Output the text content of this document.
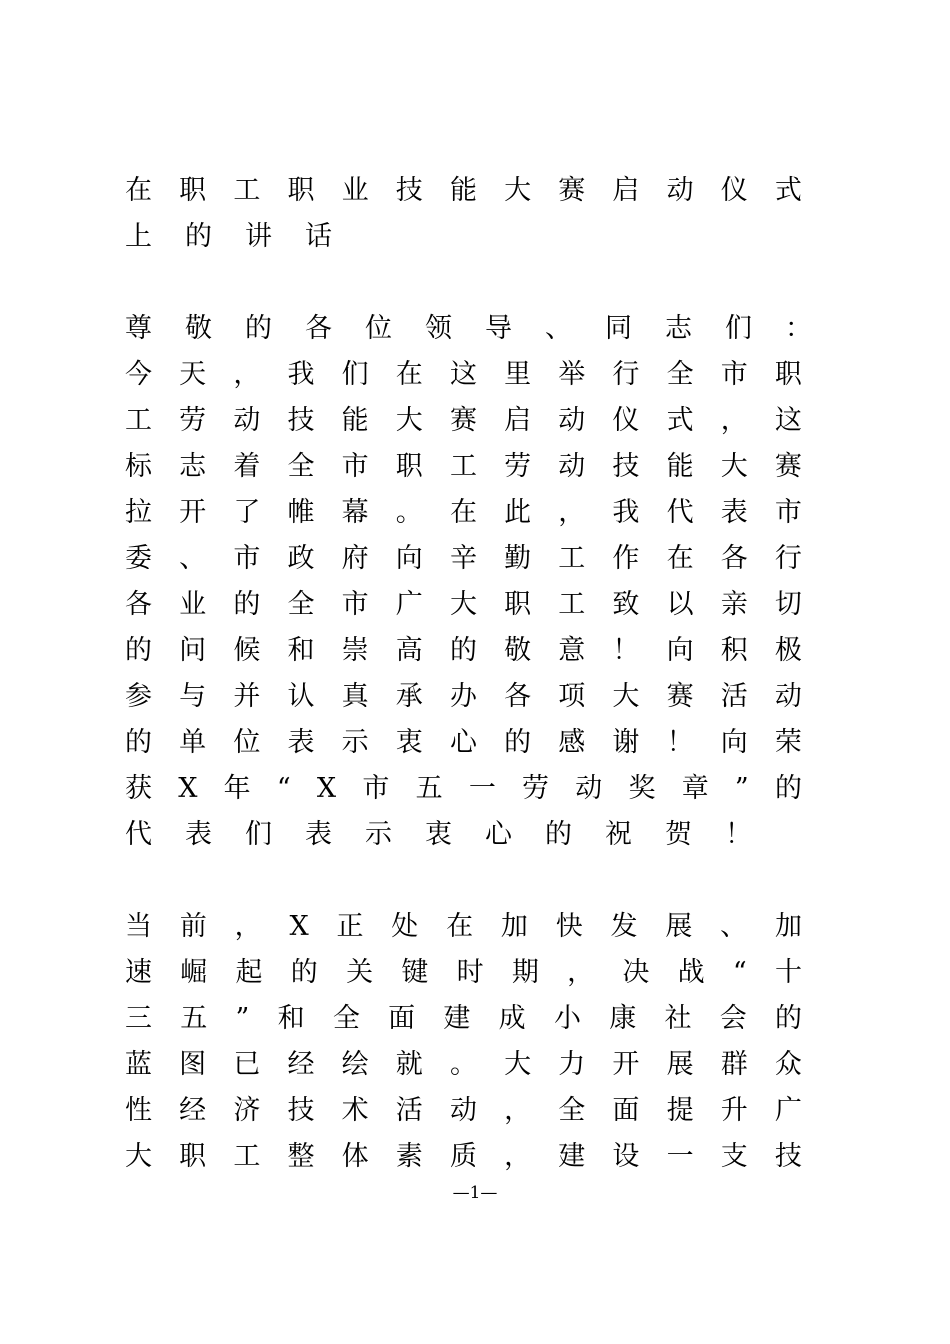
在 职 工 职 业 技 能 大 赛 启 动 仪 式
上 的 讲 话
尊 敬 的 各 位 领 导 、 同 志 们 ：
今 天 ， 我 们 在 这 里 举 行 全 市 职
工 劳 动 技 能 大 赛 启 动 仪 式 ， 这
标 志 着 全 市 职 工 劳 动 技 能 大 赛
拉 开 了 帷 幕 。 在 此 ， 我 代 表 市
委 、 市 政 府 向 辛 勤 工 作 在 各 行
各 业 的 全 市 广 大 职 工 致 以 亲 切
的 问 候 和 崇 高 的 敬 意 ！ 向 积 极
参 与 并 认 真 承 办 各 项 大 赛 活 动
的 单 位 表 示 衷 心 的 感 谢 ！ 向 荣
获 X 年 “ X 市 五 一 劳 动 奖 章 ” 的
代 表 们 表 示 衷 心 的 祝 贺 ！
当 前 ， X 正 处 在 加 快 发 展 、 加
速 崛 起 的 关 键 时 期 ， 决 战 “ 十
三 五 ” 和 全 面 建 成 小 康 社 会 的
蓝 图 已 经 绘 就 。 大 力 开 展 群 众
性 经 济 技 术 活 动 ， 全 面 提 升 广
大 职 工 整 体 素 质 ， 建 设 一 支 技
—1—
